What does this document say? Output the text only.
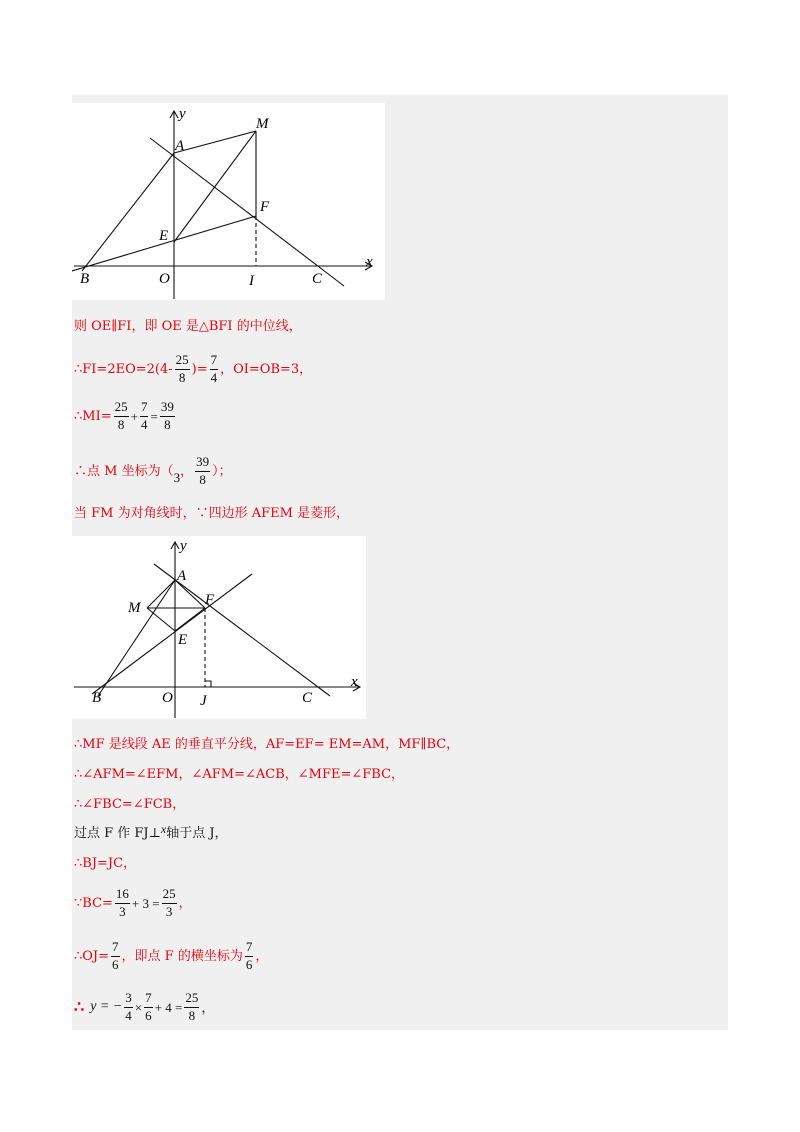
y
x
M
A
F
E
B	O	I	C
则 OE∥FI，即 OE 是△BFI 的中位线，
∴FI=2EO=2(4- $\frac{25}{8}$ )= $\frac{7}{4}$ ，OI=OB=3，
∴MI= $\frac{25}{8} + \frac{7}{4} = \frac{39}{8}$
∴点 M 坐标为（ 3 ， $\frac{39}{8}$ ）；
当 FM 为对角线时，∵四边形 AFEM 是菱形，
y
x
A
M	F
E
B	O J	C
∴MF 是线段 AE 的垂直平分线，AF=EF= EM=AM，MF∥BC，
∴∠AFM=∠EFM，∠AFM=∠ACB，∠MFE=∠FBC，
∴∠FBC=∠FCB，
过点 F 作 FJ⊥ x 轴于点 J，
∴BJ=JC，
∵BC= $\frac{16}{3} + 3 = \frac{25}{3}$ ，
∴OJ= $\frac{7}{6}$ ，即点 F 的横坐标为 $\frac{7}{6}$ ，
∴ y = − $\frac{3}{4} \times \frac{7}{6} + 4 = \frac{25}{8}$ ，
